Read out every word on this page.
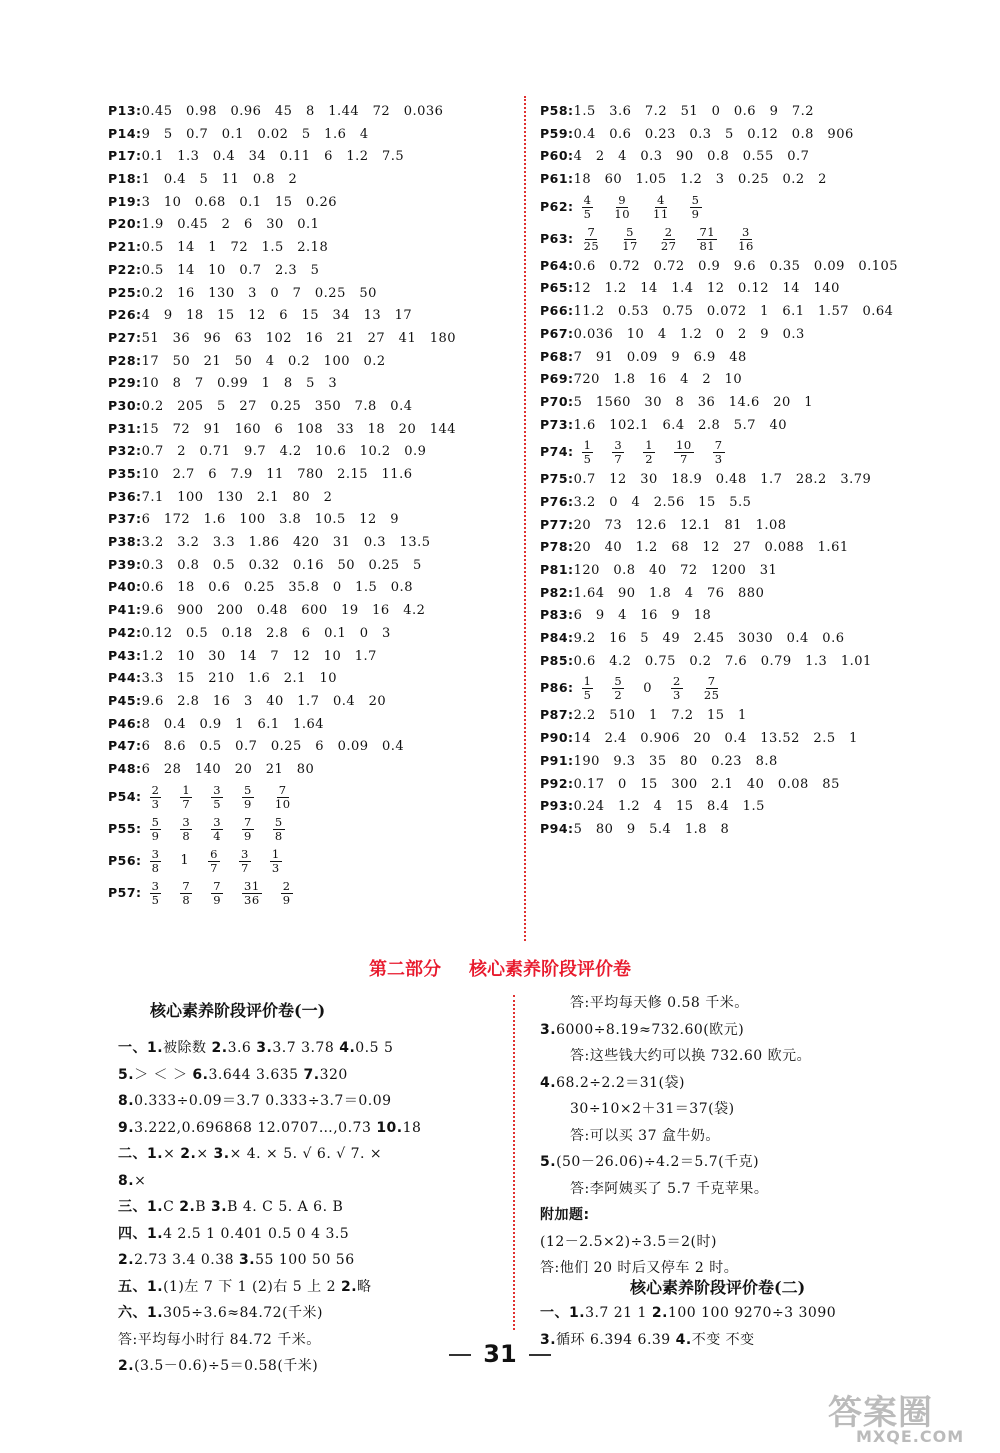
P13:0.45 0.98 0.96 45 8 1.44 72 0.036
P14:9 5 0.7 0.1 0.02 5 1.6 4
P17:0.1 1.3 0.4 34 0.11 6 1.2 7.5
P18:1 0.4 5 11 0.8 2
P19:3 10 0.68 0.1 15 0.26
P20:1.9 0.45 2 6 30 0.1
P21:0.5 14 1 72 1.5 2.18
P22:0.5 14 10 0.7 2.3 5
P25:0.2 16 130 3 0 7 0.25 50
P26:4 9 18 15 12 6 15 34 13 17
P27:51 36 96 63 102 16 21 27 41 180
P28:17 50 21 50 4 0.2 100 0.2
P29:10 8 7 0.99 1 8 5 3
P30:0.2 205 5 27 0.25 350 7.8 0.4
P31:15 72 91 160 6 108 33 18 20 144
P32:0.7 2 0.71 9.7 4.2 10.6 10.2 0.9
P35:10 2.7 6 7.9 11 780 2.15 11.6
P36:7.1 100 130 2.1 80 2
P37:6 172 1.6 100 3.8 10.5 12 9
P38:3.2 3.2 3.3 1.86 420 31 0.3 13.5
P39:0.3 0.8 0.5 0.32 0.16 50 0.25 5
P40:0.6 18 0.6 0.25 35.8 0 1.5 0.8
P41:9.6 900 200 0.48 600 19 16 4.2
P42:0.12 0.5 0.18 2.8 6 0.1 0 3
P43:1.2 10 30 14 7 12 10 1.7
P44:3.3 15 210 1.6 2.1 10
P45:9.6 2.8 16 3 40 1.7 0.4 20
P46:8 0.4 0.9 1 6.1 1.64
P47:6 8.6 0.5 0.7 0.25 6 0.09 0.4
P48:6 28 140 20 21 80
P54: $\frac{2}{3} \frac{1}{7} \frac{3}{5} \frac{5}{9} \frac{7}{10}$
P55: $\frac{5}{9} \frac{3}{8} \frac{3}{4} \frac{7}{9} \frac{5}{8}$
P56: $\frac{3}{8} 1 \frac{6}{7} \frac{3}{7} \frac{1}{3}$
P57: $\frac{3}{5} \frac{7}{8} \frac{7}{9} \frac{31}{36} \frac{2}{9}$
P58:1.5 3.6 7.2 51 0 0.6 9 7.2
P59:0.4 0.6 0.23 0.3 5 0.12 0.8 906
P60:4 2 4 0.3 90 0.8 0.55 0.7
P61:18 60 1.05 1.2 3 0.25 0.2 2
P62: $\frac{4}{5} \frac{9}{10} \frac{4}{11} \frac{5}{9}$
P63: $\frac{7}{25} \frac{5}{17} \frac{2}{27} \frac{71}{81} \frac{3}{16}$
P64:0.6 0.72 0.72 0.9 9.6 0.35 0.09 0.105
P65:12 1.2 14 1.4 12 0.12 14 140
P66:11.2 0.53 0.75 0.072 1 6.1 1.57 0.64
P67:0.036 10 4 1.2 0 2 9 0.3
P68:7 91 0.09 9 6.9 48
P69:720 1.8 16 4 2 10
P70:5 1560 30 8 36 14.6 20 1
P73:1.6 102.1 6.4 2.8 5.7 40
P74: $\frac{1}{5} \frac{3}{7} \frac{1}{2} \frac{10}{7} \frac{7}{3}$
P75:0.7 12 30 18.9 0.48 1.7 28.2 3.79
P76:3.2 0 4 2.56 15 5.5
P77:20 73 12.6 12.1 81 1.08
P78:20 40 1.2 68 12 27 0.088 1.61
P81:120 0.8 40 72 1200 31
P82:1.64 90 1.8 4 76 880
P83:6 9 4 16 9 18
P84:9.2 16 5 49 2.45 3030 0.4 0.6
P85:0.6 4.2 0.75 0.2 7.6 0.79 1.3 1.01
P86: $\frac{1}{5} \frac{5}{2} 0 \frac{2}{3} \frac{7}{25}$
P87:2.2 510 1 7.2 15 1
P90:14 2.4 0.906 20 0.4 13.52 2.5 1
P91:190 9.3 35 80 0.23 8.8
P92:0.17 0 15 300 2.1 40 0.08 85
P93:0.24 1.2 4 15 8.4 1.5
P94:5 80 9 5.4 1.8 8
第二部分 核心素养阶段评价卷
核心素养阶段评价卷(一)
一、1.被除数 2.3.6 3.3.7̇ 3.78 4.0.5 5
5.＞ ＜ ＞ 6.3.644 3.635 7.320
8.0.333÷0.09＝3.7 0.333÷3.7＝0.09
9.3.222,0.696868 12.0707…,0.7̇3̇ 10.18
二、1.× 2.× 3.× 4. × 5. √ 6. √ 7. ×
8.×
三、1.C 2.B 3.B 4. C 5. A 6. B
四、1.4 2.5 1 0.401 0.5 0 4 3.5
2.2.73 3.4 0.38 3.55 100 50 56
五、1.(1)左 7 下 1 (2)右 5 上 2 2.略
六、1.305÷3.6≈84.72(千米)
答:平均每小时行 84.72 千米。
2.(3.5－0.6)÷5＝0.58(千米)
答:平均每天修 0.58 千米。
3.6000÷8.19≈732.60(欧元)
答:这些钱大约可以换 732.60 欧元。
4.68.2÷2.2＝31(袋)
30÷10×2＋31＝37(袋)
答:可以买 37 盒牛奶。
5.(50－26.06)÷4.2＝5.7(千克)
答:李阿姨买了 5.7 千克苹果。
附加题:
(12－2.5×2)÷3.5＝2(时)
答:他们 20 时后又停车 2 时。
核心素养阶段评价卷(二)
一、1.3.7 21 1 2.100 100 9270÷3 3090
3.循环 6.3̇94̇ 6.3̇9̇ 4.不变 不变
31
答案圈
MXQE.COM
